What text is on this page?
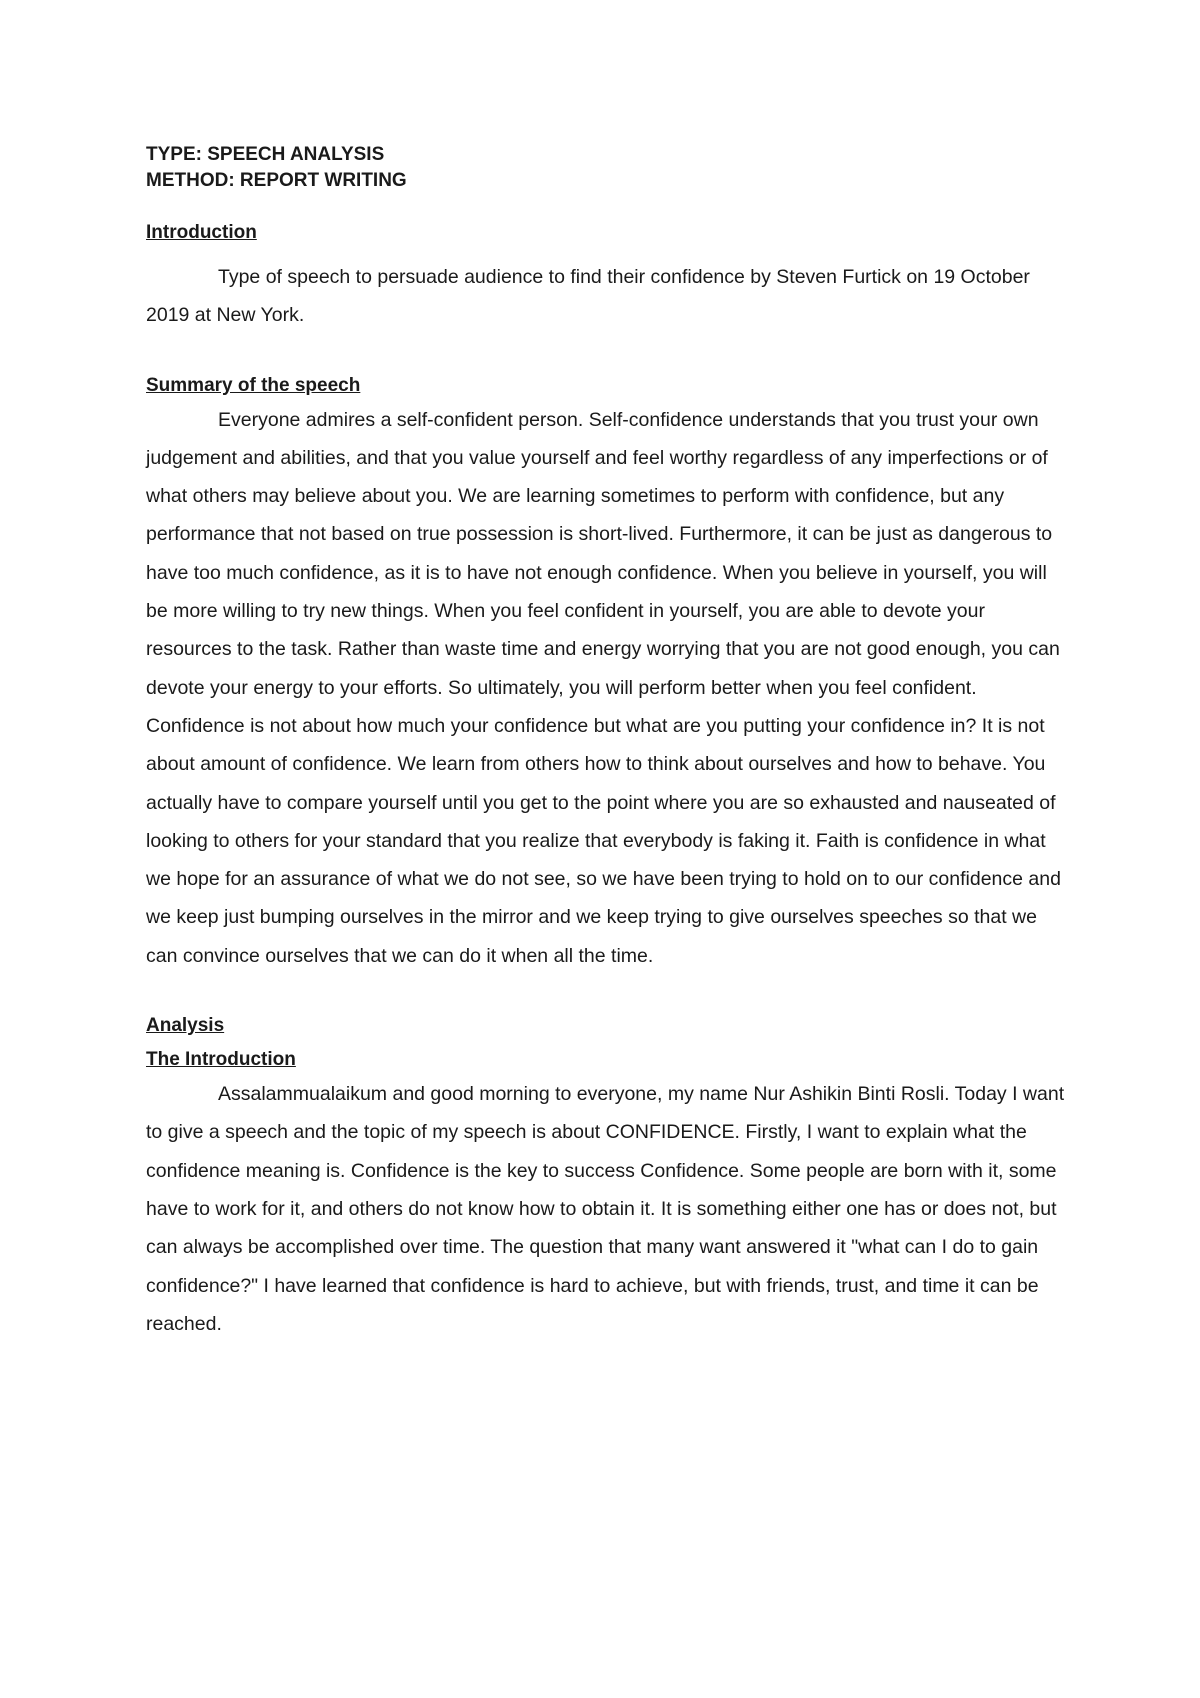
TYPE: SPEECH ANALYSIS

METHOD: REPORT WRITING

Introduction

Type of speech to persuade audience to find their confidence by Steven Furtick on 19 October 2019 at New York.

Summary of the speech

Everyone admires a self-confident person. Self-confidence understands that you trust your own judgement and abilities, and that you value yourself and feel worthy regardless of any imperfections or of what others may believe about you. We are learning sometimes to perform with confidence, but any performance that not based on true possession is short-lived. Furthermore, it can be just as dangerous to have too much confidence, as it is to have not enough confidence. When you believe in yourself, you will be more willing to try new things. When you feel confident in yourself, you are able to devote your resources to the task. Rather than waste time and energy worrying that you are not good enough, you can devote your energy to your efforts. So ultimately, you will perform better when you feel confident. Confidence is not about how much your confidence but what are you putting your confidence in? It is not about amount of confidence. We learn from others how to think about ourselves and how to behave. You actually have to compare yourself until you get to the point where you are so exhausted and nauseated of looking to others for your standard that you realize that everybody is faking it. Faith is confidence in what we hope for an assurance of what we do not see, so we have been trying to hold on to our confidence and we keep just bumping ourselves in the mirror and we keep trying to give ourselves speeches so that we can convince ourselves that we can do it when all the time.

Analysis

The Introduction

Assalammualaikum and good morning to everyone, my name Nur Ashikin Binti Rosli. Today I want to give a speech and the topic of my speech is about CONFIDENCE. Firstly, I want to explain what the confidence meaning is. Confidence is the key to success Confidence. Some people are born with it, some have to work for it, and others do not know how to obtain it. It is something either one has or does not, but can always be accomplished over time. The question that many want answered it "what can I do to gain confidence?" I have learned that confidence is hard to achieve, but with friends, trust, and time it can be reached.
